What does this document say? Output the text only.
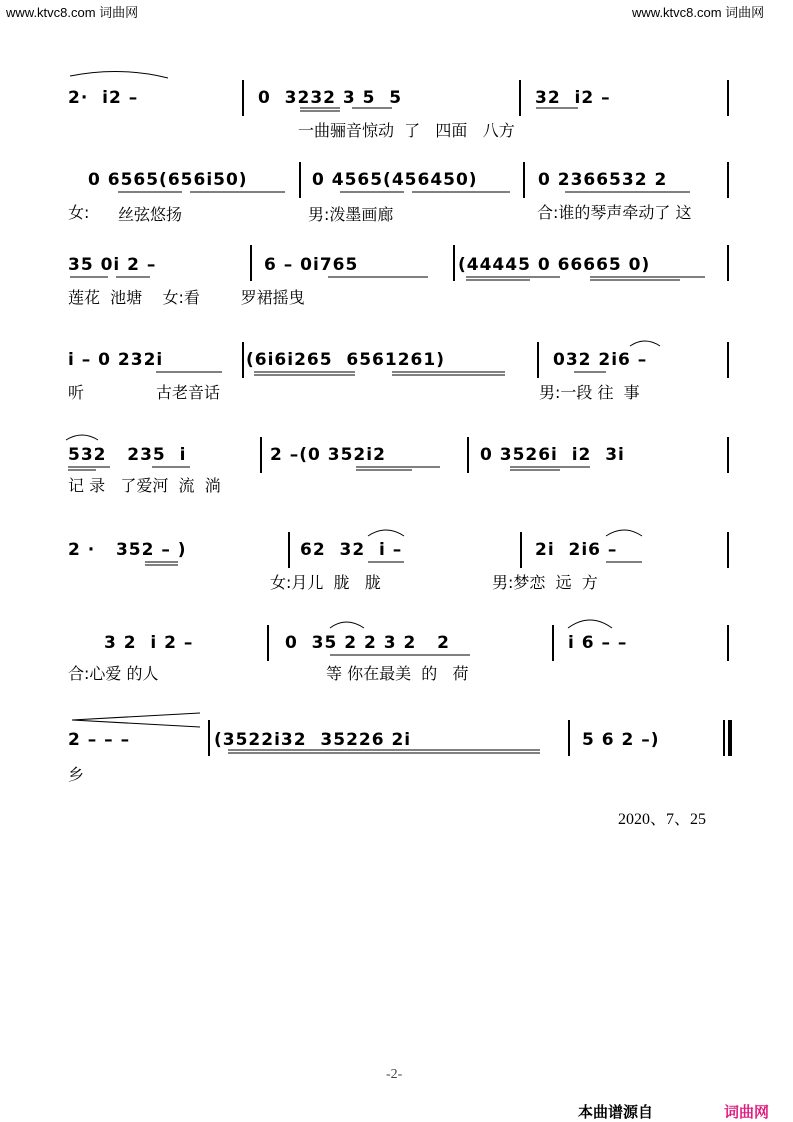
www.ktvc8.com 词曲网	www.ktvc8.com 词曲网
2·  i2 –	0  3232 3 5  5	32  i2 –
一曲骊音惊动  了   四面   八方
0 6565(656i50)	0 4565(456450)	0 2366532 2
女: 丝弦悠扬	男:泼墨画廊	合:谁的琴声牵动了 这
35 0i 2 –	6 – 0i765	(44445 0 66665 0)
莲花  池塘    女:看        罗裙摇曳
i – 0 232i	(6i6i265  6561261)	032 2i6 –
听	古老音话	男:一段 往  事
532   235  i	2 –(0 352i2	0 3526i  i2  3i
记 录   了爱河  流  淌
2 ·   352 – )	62  32  i –	2i  2i6 –
女:月儿  胧   胧	男:梦恋  远  方
3 2  i 2 –	0  35 2 2 3 2   2	i 6 – –
合:心爱 的人	等 你在最美  的   荷
2 – – –	(3522i32  35226 2i	5 6 2 –)
乡
2020、7、25
-2-
本曲谱源自	词曲网
